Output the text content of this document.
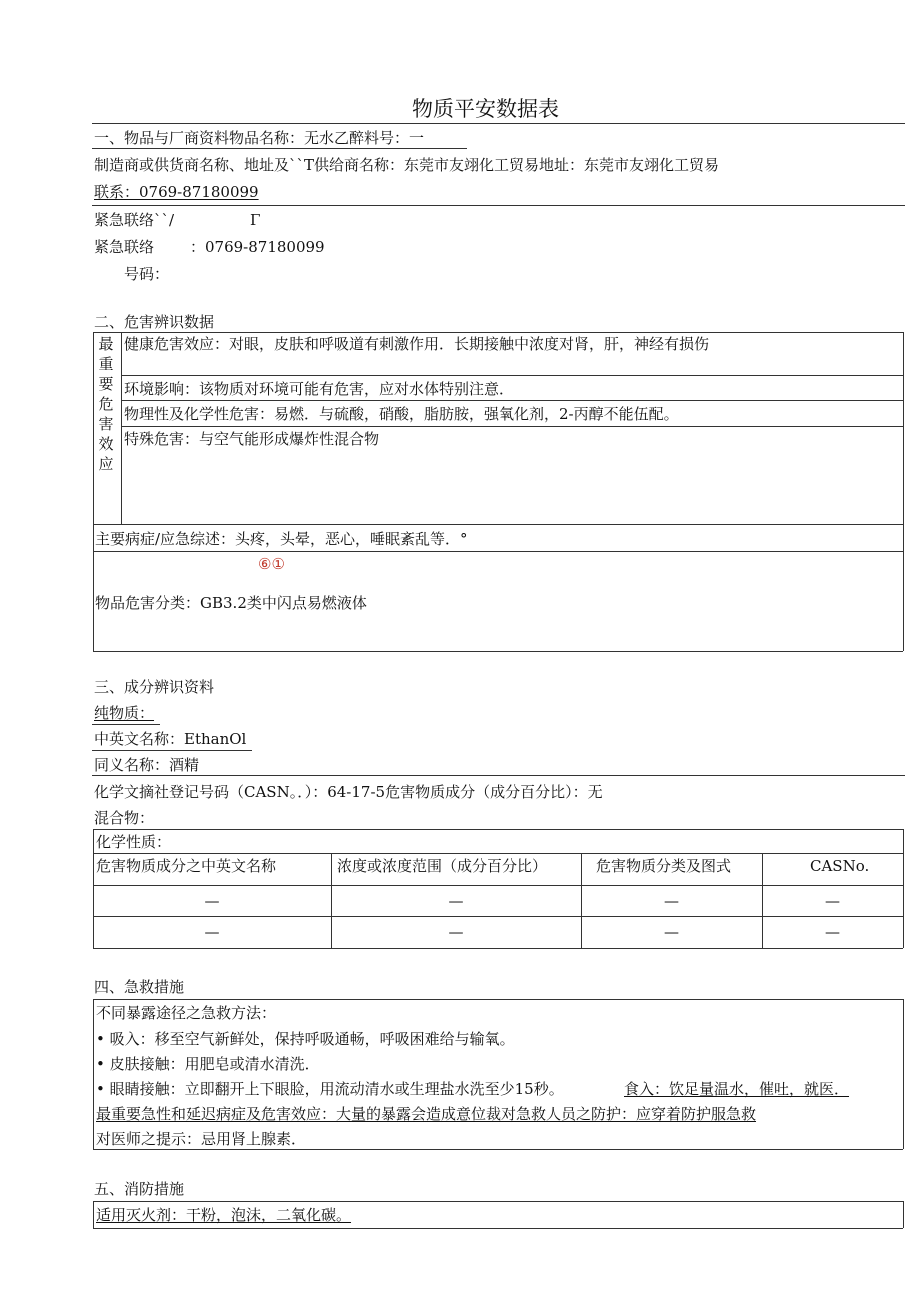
物质平安数据表
一、物品与厂商资料物品名称：无水乙醉料号：一
制造商或供货商名称、地址及``T供给商名称：东莞市友翊化工贸易地址：东莞市友翊化工贸易
联系：0769-87180099
紧急联络``/	Γ
紧急联络 ：0769-87180099
号码：
二、危害辨识数据
最重要危害效应
健康危害效应：对眼，皮肤和呼吸道有刺激作用．长期接触中浓度对肾，肝，神经有损伤
环境影响：该物质对环境可能有危害，应对水体特别注意．
物理性及化学性危害：易燃．与硫酸，硝酸，脂肪胺，强氧化剂，2-丙醇不能伍配。
特殊危害：与空气能形成爆炸性混合物
主要病症/应急综述：头疼，头晕，恶心，唾眠紊乱等．°
⑥①
物品危害分类：GB3.2类中闪点易燃液体
三、成分辨识资料
纯物质：
中英文名称：EthanOl
同义名称：酒精
化学文摘社登记号码（CASN。．）：64-17-5危害物质成分（成分百分比）：无
混合物：
化学性质：
危害物质成分之中英文名称	浓度或浓度范围（成分百分比）	危害物质分类及图式	CASNo.
—	—	—	—
—	—	—	—
四、急救措施
不同暴露途径之急救方法：
• 吸入：移至空气新鲜处，保持呼吸通畅，呼吸困难给与输氧。
• 皮肤接触：用肥皂或清水清洗．
• 眼睛接触：立即翻开上下眼脸，用流动清水或生理盐水洗至少15秒。	食入：饮足量温水，催吐，就医．
最重要急性和延迟病症及危害效应：大量的暴露会造成意位裁对急救人员之防护：应穿着防护服急救
对医师之提示：忌用肾上腺素．
五、消防措施
适用灭火剂：干粉，泡沫，二氧化碳。
